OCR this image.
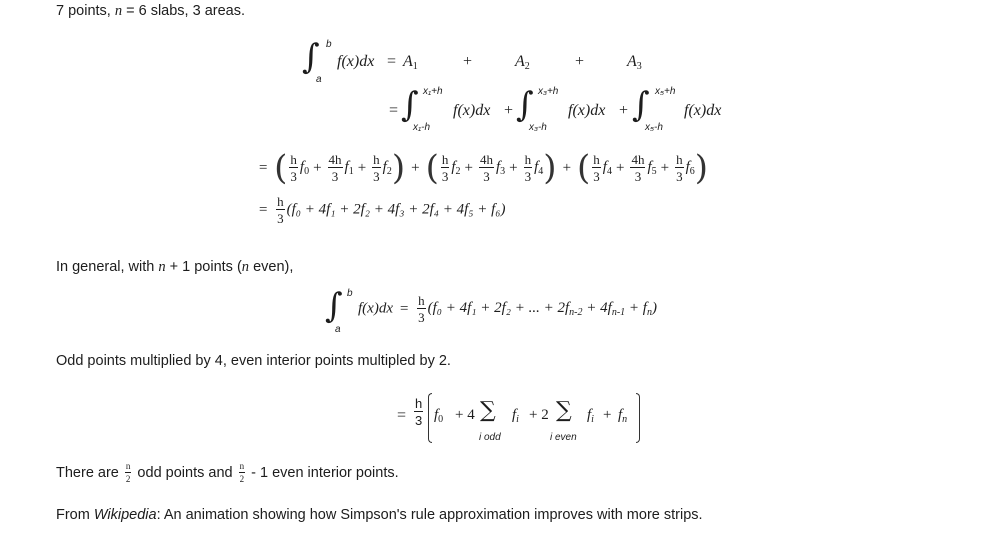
7 points, n = 6 slabs, 3 areas.
∫ b
a
$f(x)dx = A_1$	+	$A_2$	+	$A_3$
= ∫ x₁+h
x₁-h
f(x)dx + ∫ x₃+h
x₃-h
f(x)dx + ∫ x₅+h
x₅-h
f(x)dx
= ( $\frac{h}{3} f_0 + \frac{4h}{3} f_1 + \frac{h}{3} f_2$) + ( $\frac{h}{3} f_2 + \frac{4h}{3} f_3 + \frac{h}{3} f_4$) + ( $\frac{h}{3} f_4 + \frac{4h}{3} f_5 + \frac{h}{3} f_6$)
= $\frac{h}{3} (f_0 + 4f_1 + 2f_2 + 4f_3 + 2f_4 + 4f_5 + f_6)$
In general, with n + 1 points (n even),
∫ b
a
$f(x)dx = \frac{h}{3} (f_0 + 4f_1 + 2f_2$ + ... + $2f_{n-2} + 4f_{n-1} + f_n$)
Odd points multiplied by 4, even interior points multipled by 2.
= $\frac{h}{3} f_0 + 4$ ∑
i odd
$f_i + 2$ ∑
i even
$f_i + f_n$
There are $\frac{n}{2}$ odd points and $\frac{n}{2} - 1$ even interior points.
From Wikipedia: An animation showing how Simpson's rule approximation improves with more strips.
